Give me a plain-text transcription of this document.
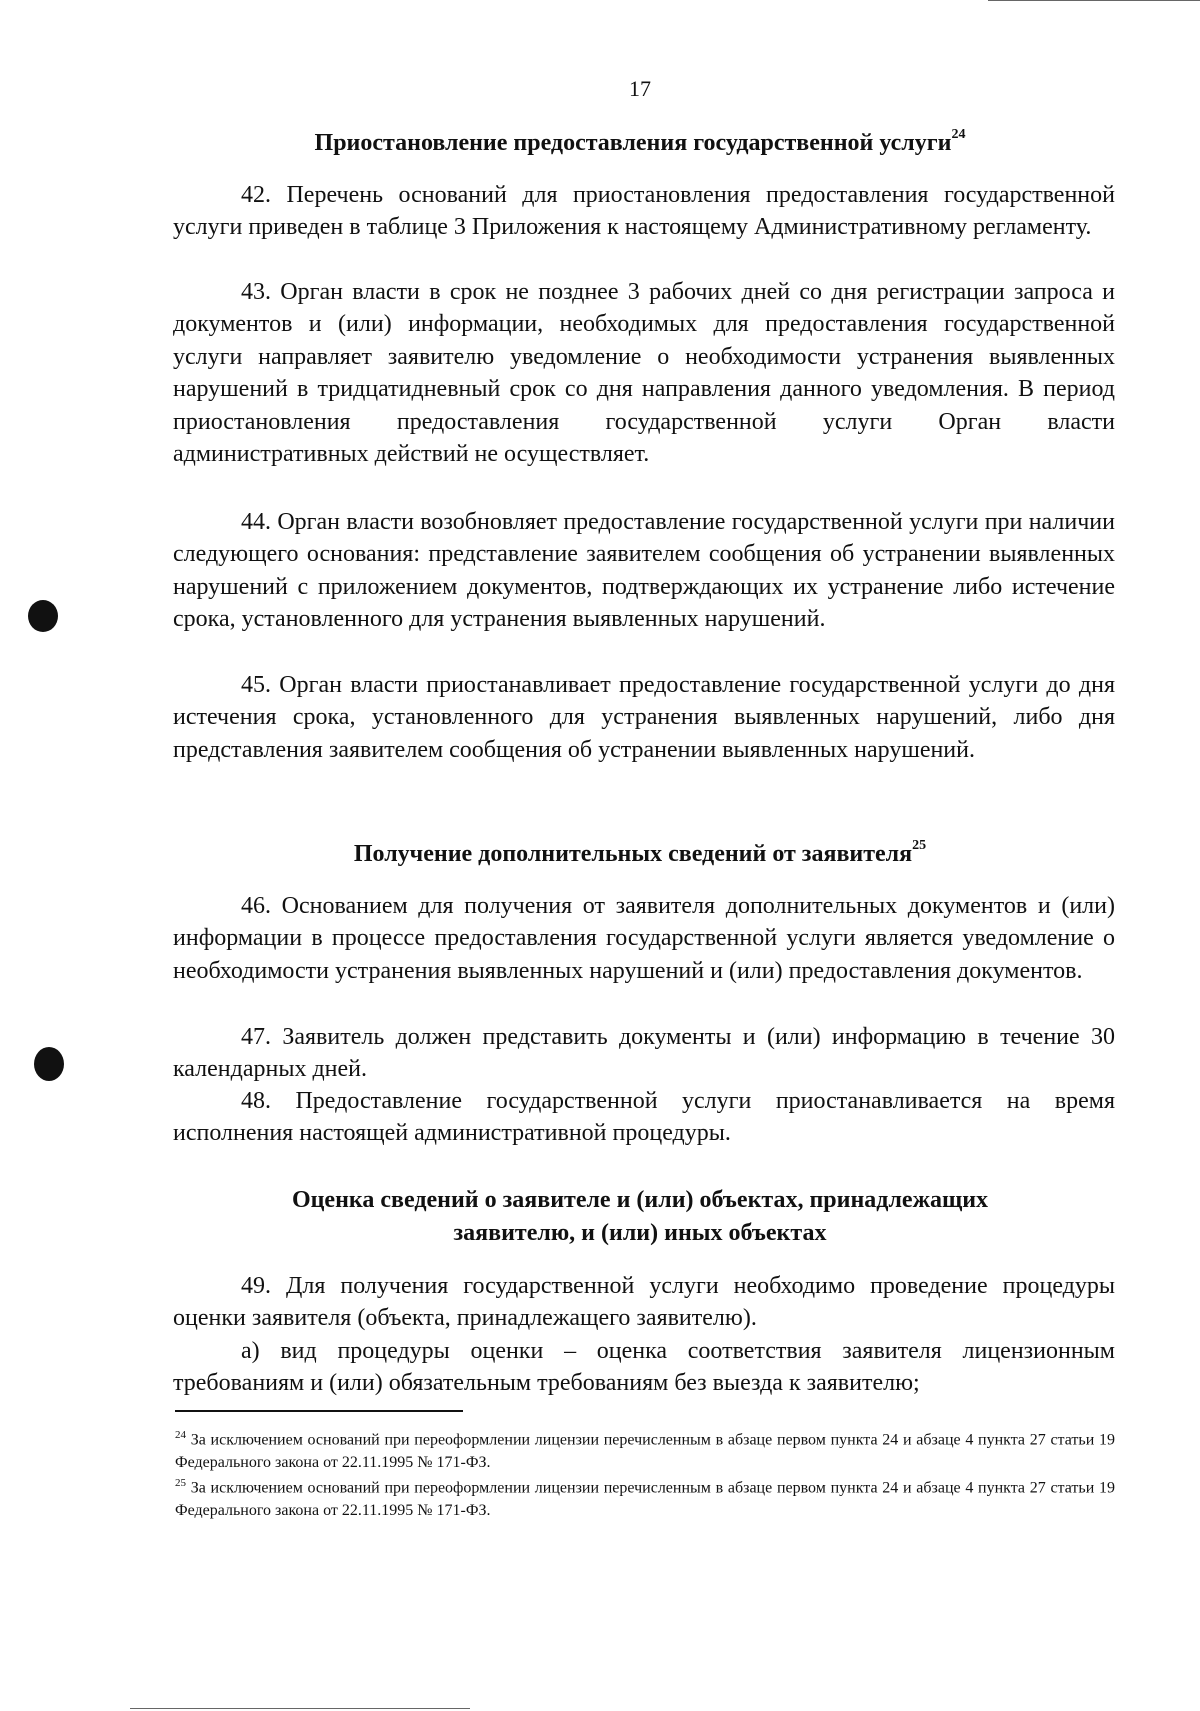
17
Приостановление предоставления государственной услуги$^{24}$

42. Перечень оснований для приостановления предоставления государственной услуги приведен в таблице 3 Приложения к настоящему Административному регламенту.

43. Орган власти в срок не позднее 3 рабочих дней со дня регистрации запроса и документов и (или) информации, необходимых для предоставления государственной услуги направляет заявителю уведомление о необходимости устранения выявленных нарушений в тридцатидневный срок со дня направления данного уведомления. В период приостановления предоставления государственной услуги Орган власти административных действий не осуществляет.

44. Орган власти возобновляет предоставление государственной услуги при наличии следующего основания: представление заявителем сообщения об устранении выявленных нарушений с приложением документов, подтверждающих их устранение либо истечение срока, установленного для устранения выявленных нарушений.

45. Орган власти приостанавливает предоставление государственной услуги до дня истечения срока, установленного для устранения выявленных нарушений, либо дня представления заявителем сообщения об устранении выявленных нарушений.

Получение дополнительных сведений от заявителя$^{25}$

46. Основанием для получения от заявителя дополнительных документов и (или) информации в процессе предоставления государственной услуги является уведомление о необходимости устранения выявленных нарушений и (или) предоставления документов.

47. Заявитель должен представить документы и (или) информацию в течение 30 календарных дней.

48. Предоставление государственной услуги приостанавливается на время исполнения настоящей административной процедуры.

Оценка сведений о заявителе и (или) объектах, принадлежащих
заявителю, и (или) иных объектах

49. Для получения государственной услуги необходимо проведение процедуры оценки заявителя (объекта, принадлежащего заявителю).

а) вид процедуры оценки – оценка соответствия заявителя лицензионным требованиям и (или) обязательным требованиям без выезда к заявителю;

$^{24}$ За исключением оснований при переоформлении лицензии перечисленным в абзаце первом пункта 24 и абзаце 4 пункта 27 статьи 19 Федерального закона от 22.11.1995 № 171-ФЗ.

$^{25}$ За исключением оснований при переоформлении лицензии перечисленным в абзаце первом пункта 24 и абзаце 4 пункта 27 статьи 19 Федерального закона от 22.11.1995 № 171-ФЗ.
